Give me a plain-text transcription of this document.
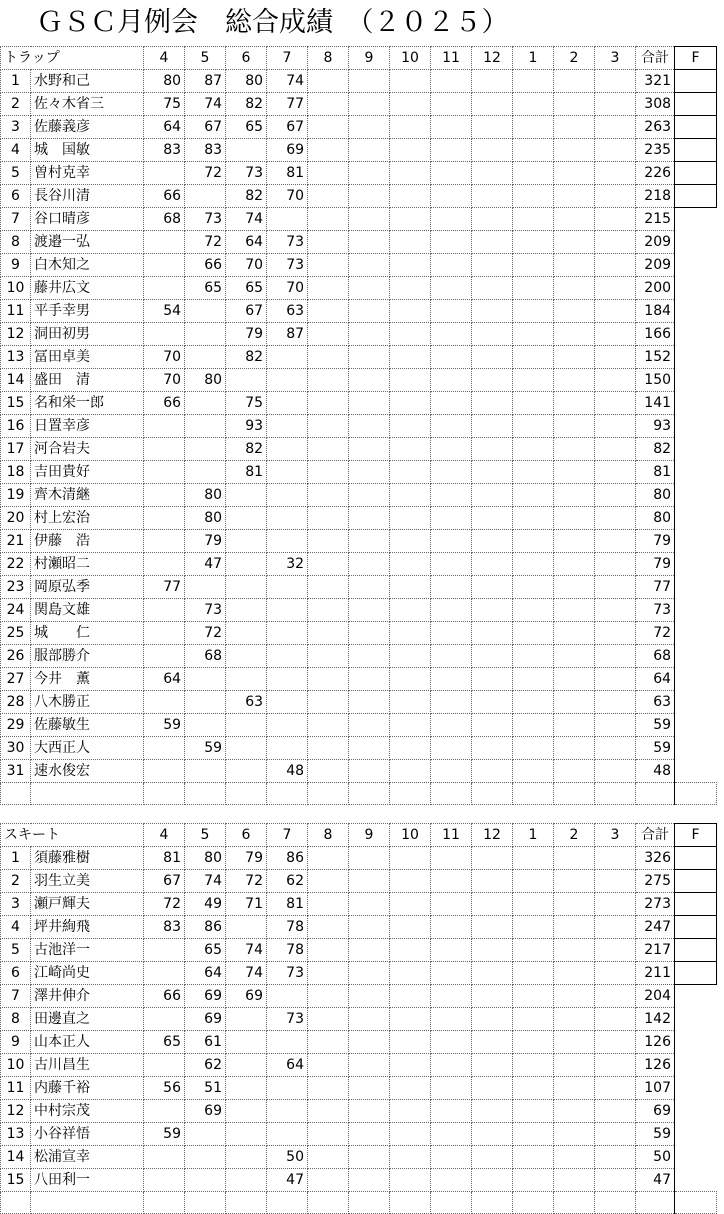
ＧＳＣ月例会　総合成績　（２０２５）
トラップ		4	5	6	7	8	9	10	11	12	1	2	3	合計	F	
1	水野和己	80	87	80	74									321		
2	佐々木省三	75	74	82	77									308		
3	佐藤義彦	64	67	65	67									263		
4	城　国敏	83	83		69									235		
5	曽村克幸		72	73	81									226		
6	長谷川清	66		82	70									218		
7	谷口晴彦	68	73	74										215		
8	渡邉一弘		72	64	73									209		
9	白木知之		66	70	73									209		
10	藤井広文		65	65	70									200		
11	平手幸男	54		67	63									184		
12	洞田初男			79	87									166		
13	冨田卓美	70		82										152		
14	盛田　清	70	80											150		
15	名和栄一郎	66		75										141		
16	日置幸彦			93										93		
17	河合岩夫			82										82		
18	吉田貴好			81										81		
19	齊木清継		80											80		
20	村上宏治		80											80		
21	伊藤　浩		79											79		
22	村瀬昭二		47		32									79		
23	岡原弘季	77												77		
24	関島文雄		73											73		
25	城　　仁		72											72		
26	服部勝介		68											68		
27	今井　薫	64												64		
28	八木勝正			63										63		
29	佐藤敏生	59												59		
30	大西正人		59											59		
31	速水俊宏				48									48		

スキート		4	5	6	7	8	9	10	11	12	1	2	3	合計	F	
1	須藤雅樹	81	80	79	86									326		
2	羽生立美	67	74	72	62									275		
3	瀬戸輝夫	72	49	71	81									273		
4	坪井絢飛	83	86		78									247		
5	古池洋一		65	74	78									217		
6	江崎尚史		64	74	73									211		
7	澤井伸介	66	69	69										204		
8	田邊直之		69		73									142		
9	山本正人	65	61											126		
10	古川昌生		62		64									126		
11	内藤千裕	56	51											107		
12	中村宗茂		69											69		
13	小谷祥悟	59												59		
14	松浦宣幸				50									50		
15	八田利一				47									47		
